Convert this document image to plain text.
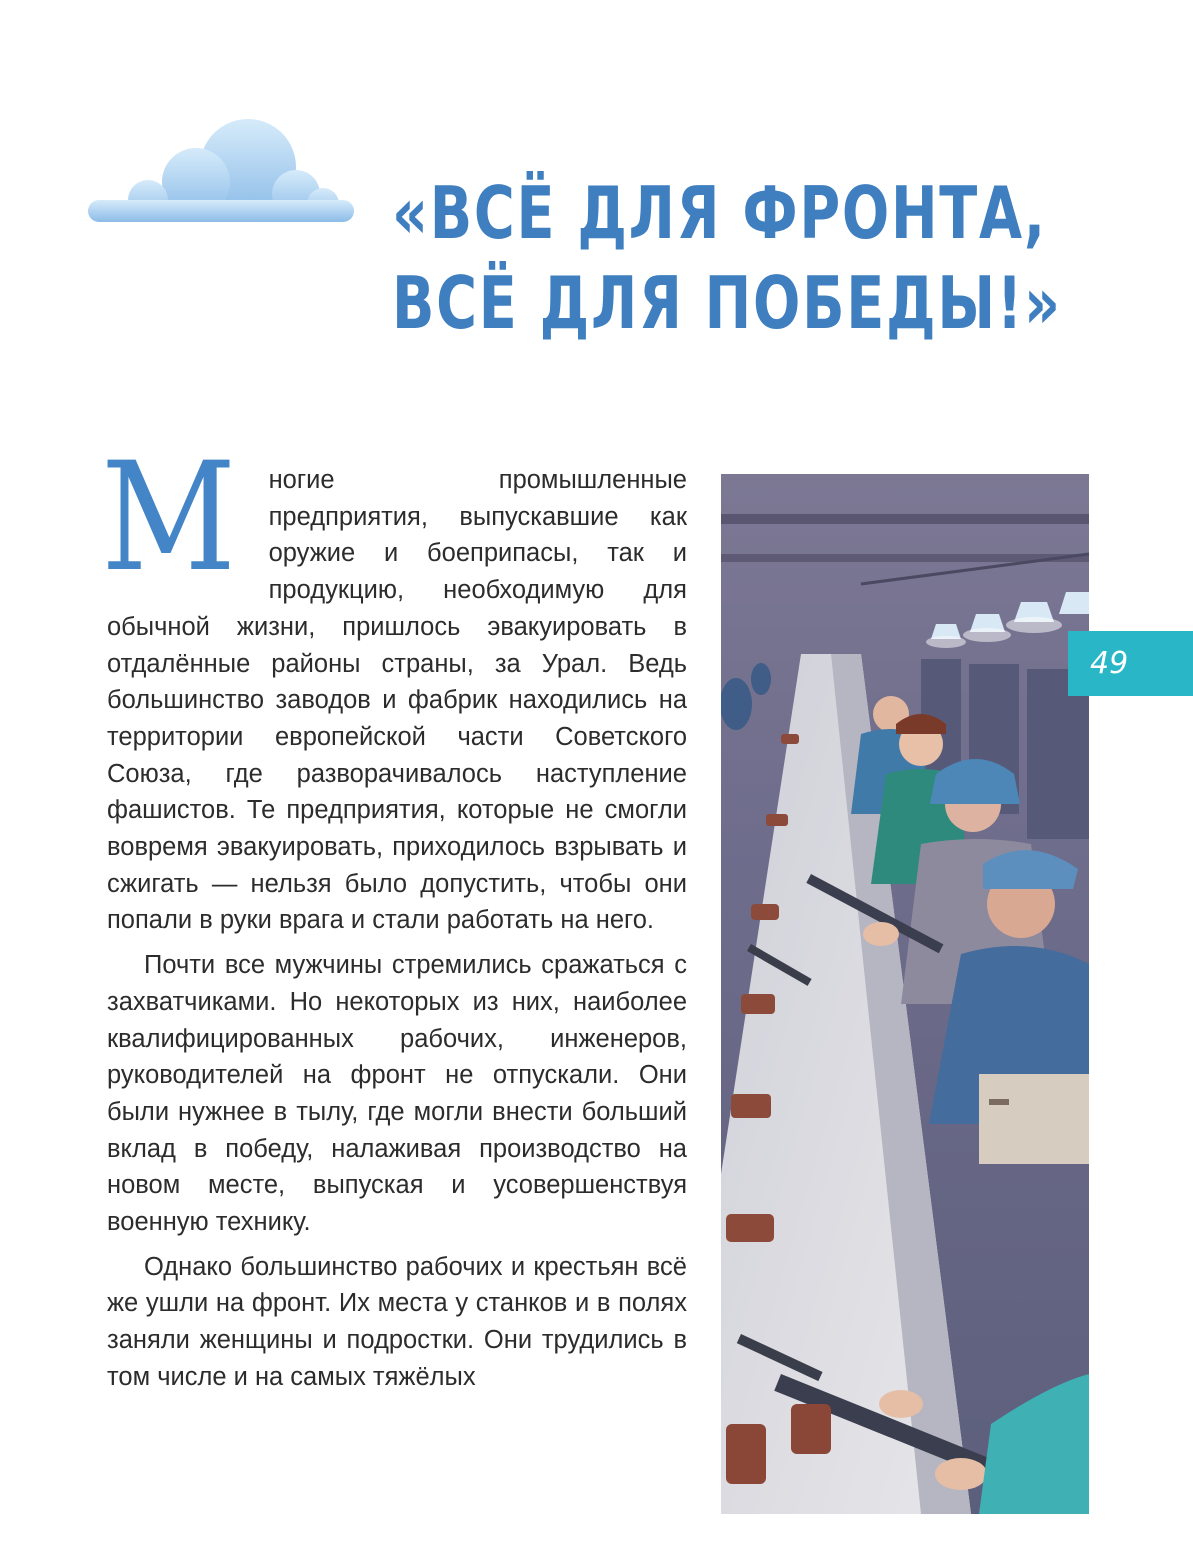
«ВСЁ ДЛЯ ФРОНТА,
ВСЁ ДЛЯ ПОБЕДЫ!»

М ногие промышленные предприятия, выпускавшие как оружие и боеприпасы, так и продукцию, необходимую для обычной жизни, пришлось эвакуировать в отдалённые районы страны, за Урал. Ведь большинство заводов и фабрик находились на территории европейской части Советского Союза, где разворачивалось наступление фашистов. Те предприятия, которые не смогли вовремя эвакуировать, приходилось взрывать и сжигать — нельзя было допустить, чтобы они попали в руки врага и стали работать на него.

Почти все мужчины стремились сражаться с захватчиками. Но некоторых из них, наиболее квалифицированных рабочих, инженеров, руководителей на фронт не отпускали. Они были нужнее в тылу, где могли внести больший вклад в победу, налаживая производство на новом месте, выпуская и усовершенствуя военную технику.

Однако большинство рабочих и крестьян всё же ушли на фронт. Их места у станков и в полях заняли женщины и подростки. Они трудились в том числе и на самых тяжёлых

49
